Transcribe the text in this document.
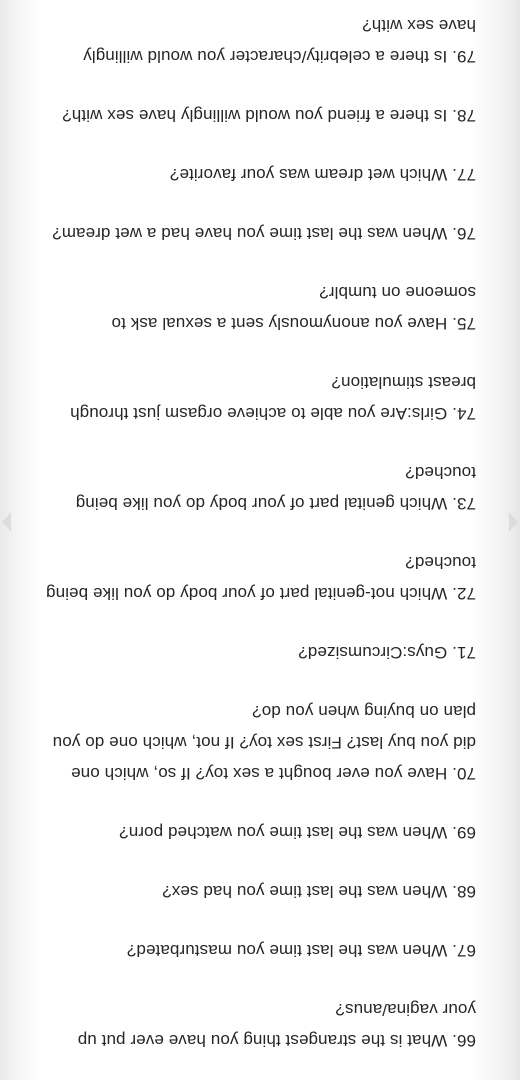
66. What is the strangest thing you have ever put up your vagina/anus?

67. When was the last time you masturbated?

68. When was the last time you had sex?

69. When was the last time you watched porn?

70. Have you ever bought a sex toy? If so, which one did you buy last? First sex toy? If not, which one do you plan on buying when you do?

71. Guys:Circumsized?

72. Which not-genital part of your body do you like being touched?

73. Which genital part of your body do you like being touched?

74. Girls:Are you able to achieve orgasm just through breast stimulation?

75. Have you anonymously sent a sexual ask to someone on tumblr?

76. When was the last time you have had a wet dream?

77. Which wet dream was your favorite?

78. Is there a friend you would willingly have sex with?

79. Is there a celebrity/character you would willingly have sex with?
